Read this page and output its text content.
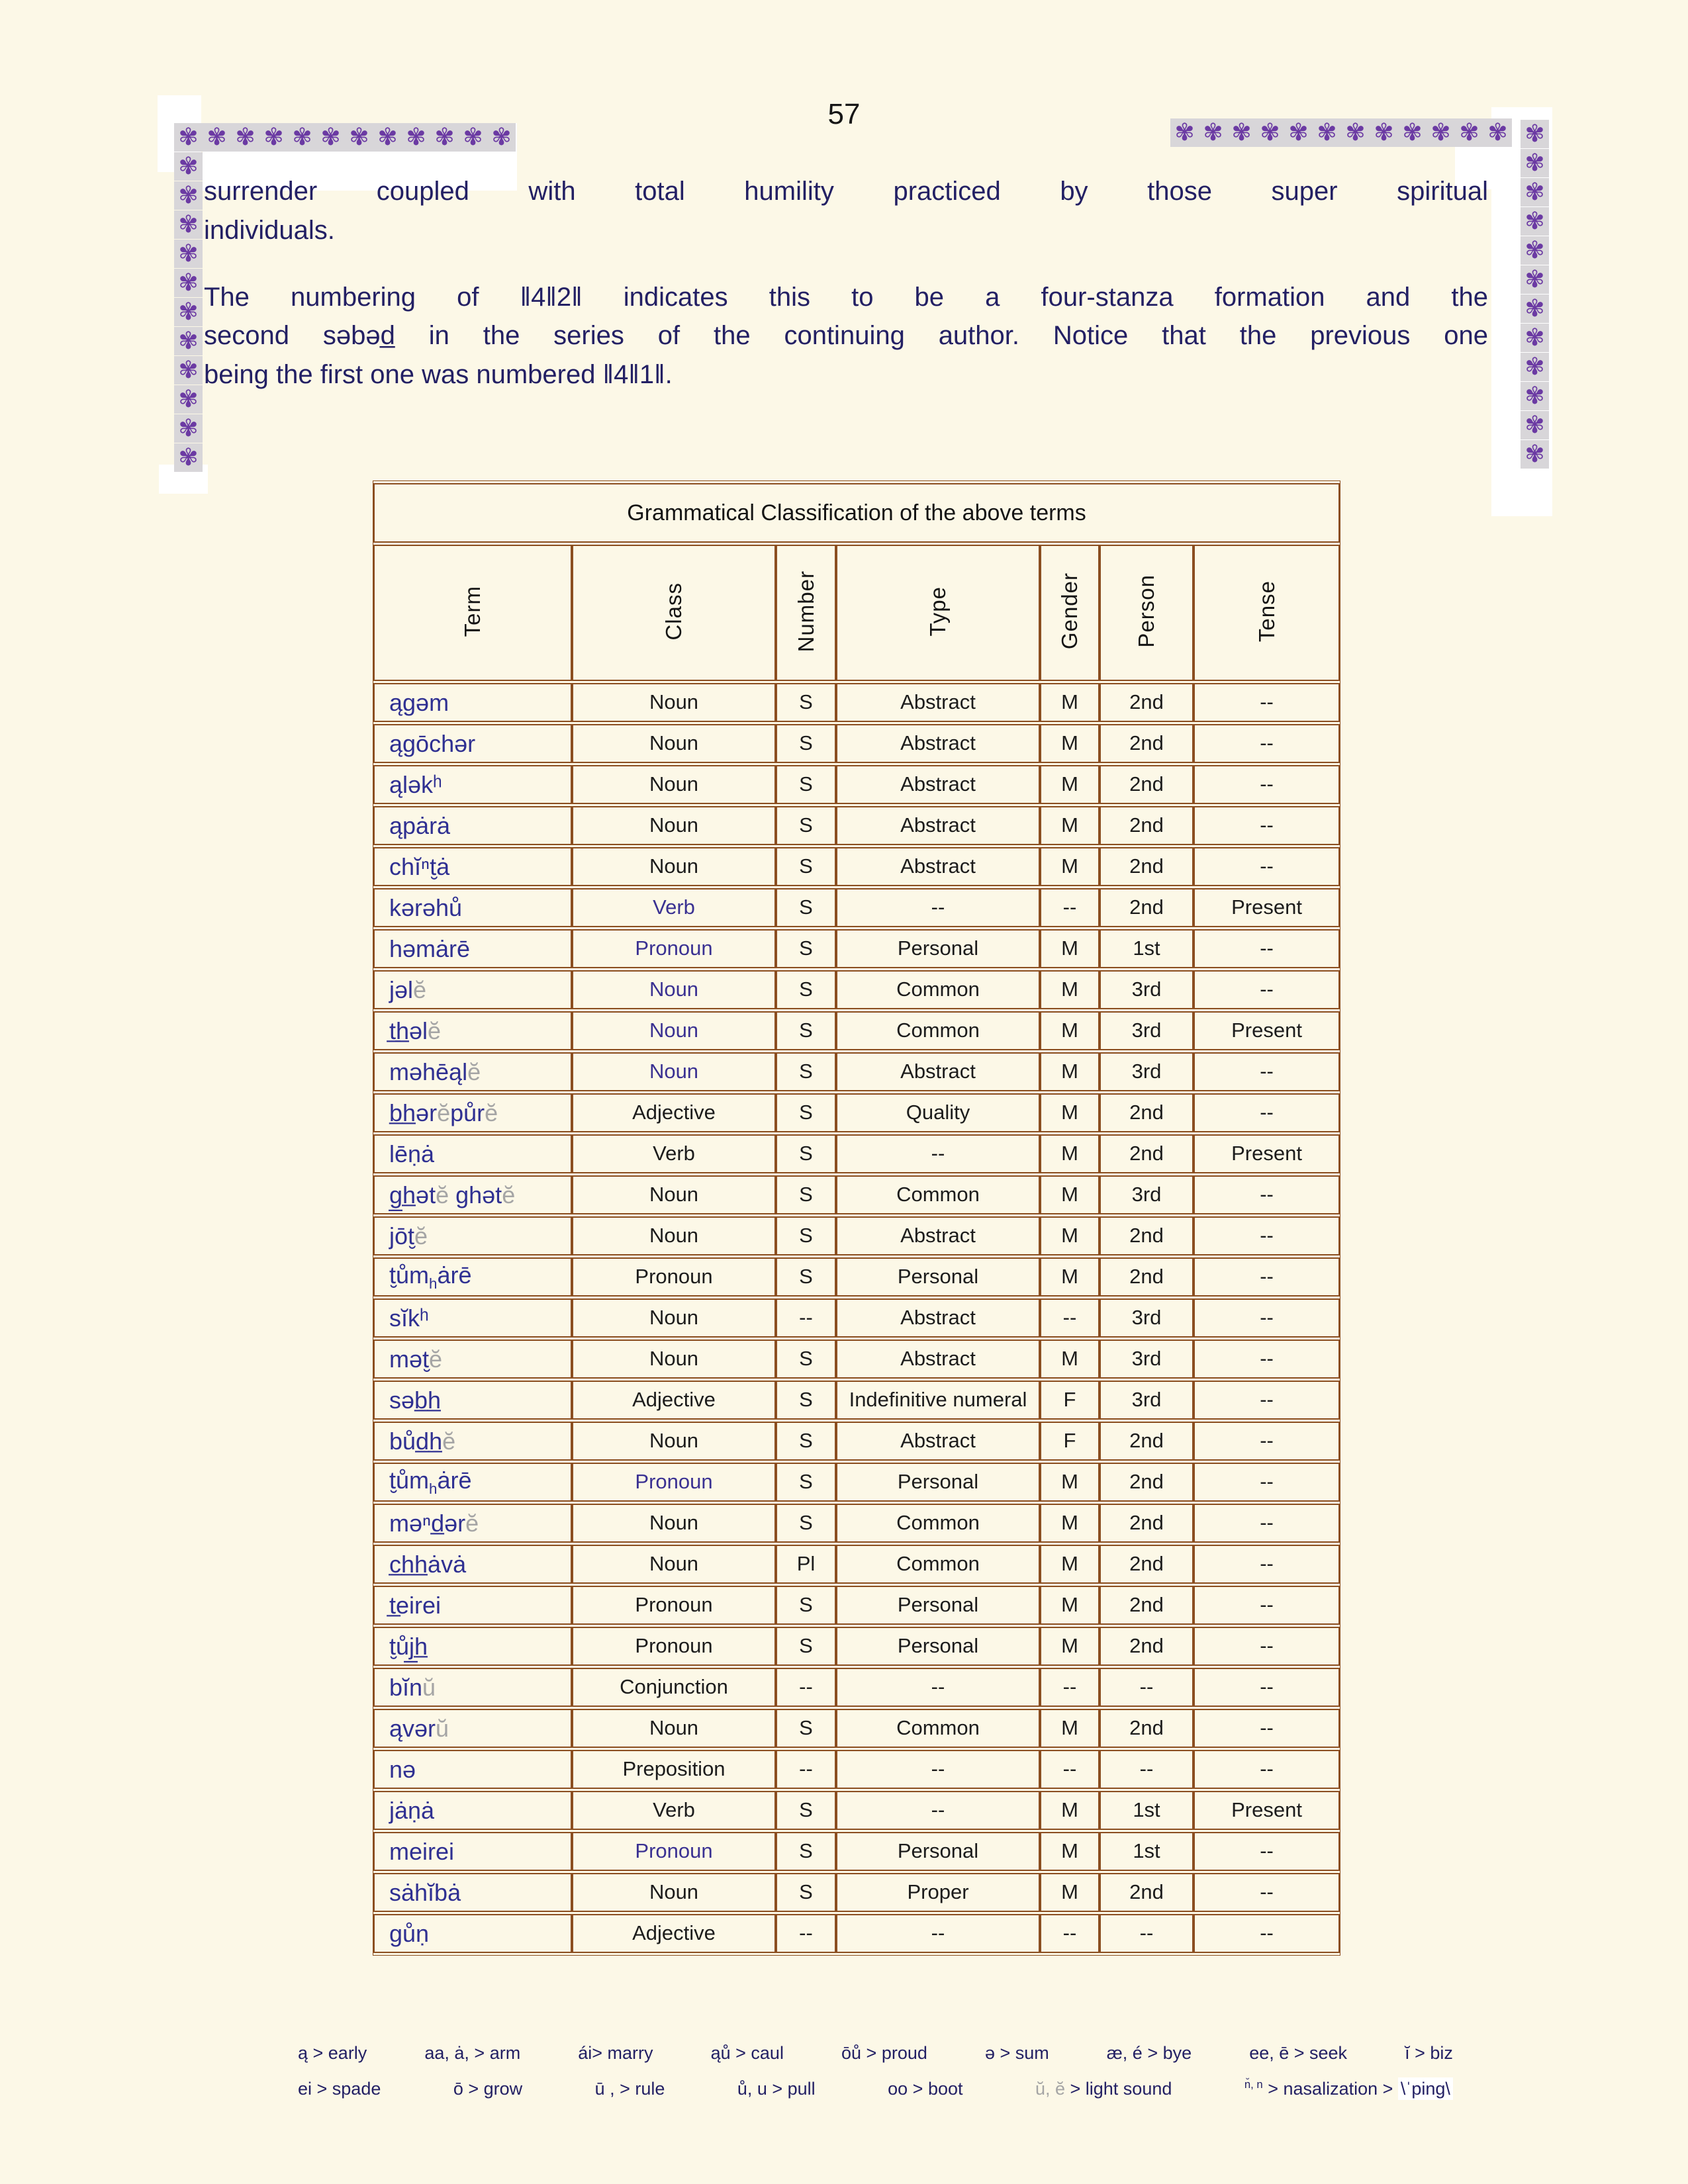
✾ ✾ ✾ ✾ ✾ ✾ ✾ ✾ ✾ ✾ ✾
✾
✾
✾
✾
✾
✾
✾
✾
✾
✾
✾
✾
✾ ✾ ✾ ✾ ✾ ✾ ✾ ✾ ✾ ✾ ✾ ✾ ✾
✾
✾
✾
✾
✾
✾
✾
✾
✾
✾
✾
57
surrender coupled with total humility practiced by those super spiritual
individuals.
The numbering of ‖4‖2‖ indicates this to be a four-stanza formation and the
second səbəd̲ in the series of the continuing author. Notice that the previous one
being the first one was numbered ‖4‖1‖.
Grammatical Classification of the above terms						
Term	Class	Number	Type	Gender	Person	Tense
ągəm	Noun	S	Abstract	M	2nd	--
ągōchər	Noun	S	Abstract	M	2nd	--
ąləkʰ	Noun	S	Abstract	M	2nd	--
ąpȧrȧ	Noun	S	Abstract	M	2nd	--
chĭⁿt̮ȧ	Noun	S	Abstract	M	2nd	--
kərəhů	Verb	S	--	--	2nd	Present
həmȧrē	Pronoun	S	Personal	M	1st	--
jəlĕ	Noun	S	Common	M	3rd	--
t̲h̲əlĕ	Noun	S	Common	M	3rd	Present
məhēąlĕ	Noun	S	Abstract	M	3rd	--
b̲h̲ərĕpůrĕ	Adjective	S	Quality	M	2nd	--
lēṇȧ	Verb	S	--	M	2nd	Present
g̲h̲ətĕ ghətĕ	Noun	S	Common	M	3rd	--
jōt̮ĕ	Noun	S	Abstract	M	2nd	--
$t̮ům_hȧrē$	Pronoun	S	Personal	M	2nd	--
sĭkʰ	Noun	--	Abstract	--	3rd	--
mət̮ĕ	Noun	S	Abstract	M	3rd	--
səb̲h̲	Adjective	S	Indefinitive numeral	F	3rd	--
bůd̲h̲ĕ	Noun	S	Abstract	F	2nd	--
$t̮ům_hȧrē$	Pronoun	S	Personal	M	2nd	--
məⁿd̲ərĕ	Noun	S	Common	M	2nd	--
c̲h̲h̲ȧvȧ	Noun	Pl	Common	M	2nd	--
t̲eirei	Pronoun	S	Personal	M	2nd	--
t̮ůj̲h̲	Pronoun	S	Personal	M	2nd	--
bĭnŭ	Conjunction	--	--	--	--	--
ąvərŭ	Noun	S	Common	M	2nd	--
nə	Preposition	--	--	--	--	--
jȧṇȧ	Verb	S	--	M	1st	Present
meirei	Pronoun	S	Personal	M	1st	--
sȧhĭbȧ	Noun	S	Proper	M	2nd	--
gůṇ	Adjective	--	--	--	--	--
ą > early	aa, ȧ, > arm	ái> marry	ąů > caul	ōů > proud	ə > sum	æ, é > bye	ee, ē > seek	ĭ > biz
ei > spade	ō > grow	ū , > rule	ů, u > pull	oo > boot	ŭ, ĕ > light sound	$^{n̆, n}$ > nasalization > \ˈping\
